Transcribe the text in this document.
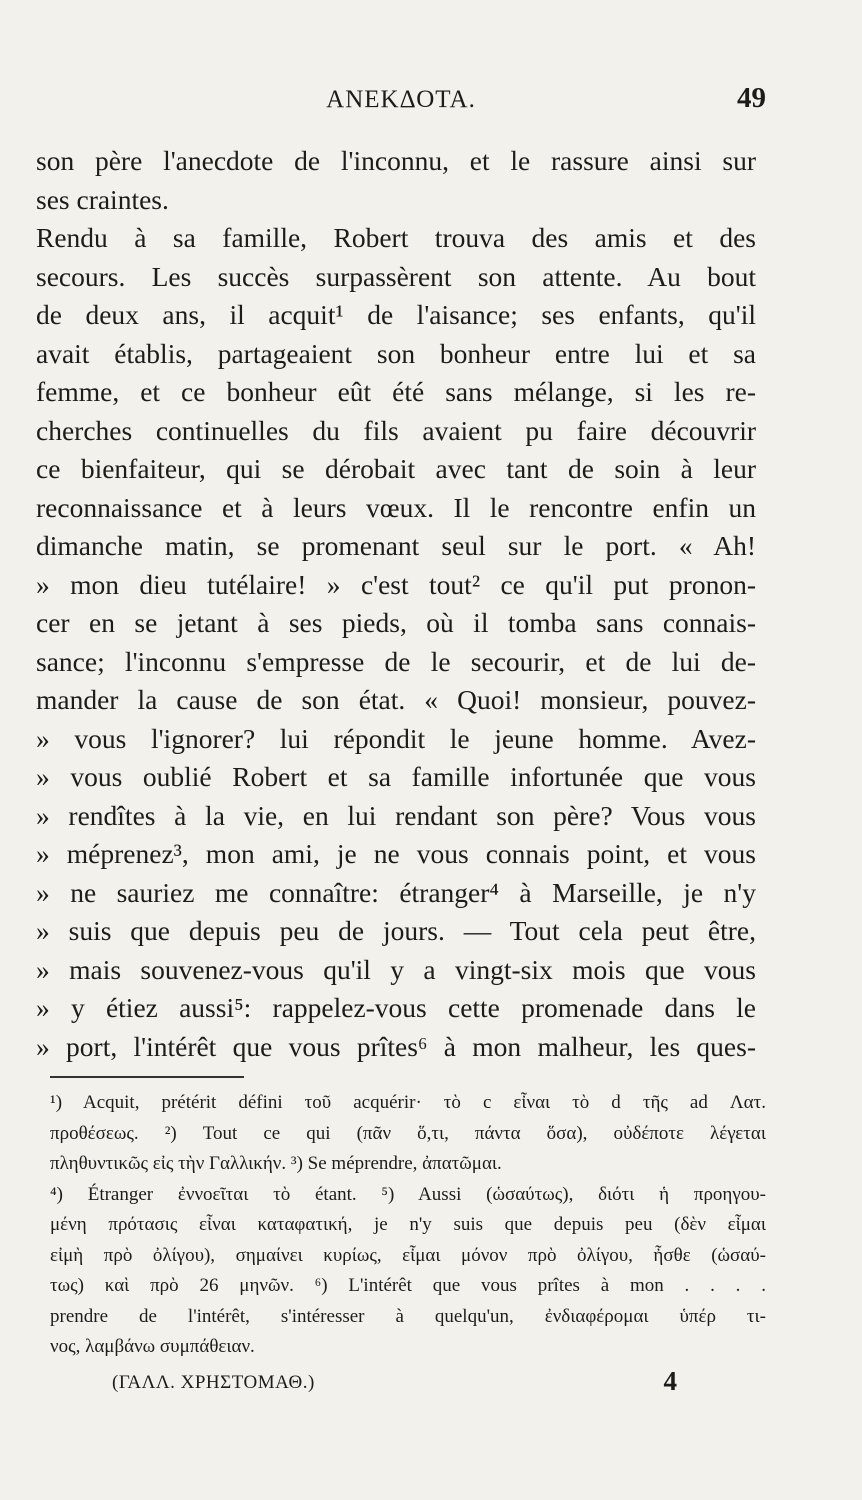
ΑΝΕΚΔΟΤΑ.	49
son père l'anecdote de l'inconnu, et le rassure ainsi sur
ses craintes.
Rendu à sa famille, Robert trouva des amis et des
secours. Les succès surpassèrent son attente. Au bout
de deux ans, il acquit¹ de l'aisance; ses enfants, qu'il
avait établis, partageaient son bonheur entre lui et sa
femme, et ce bonheur eût été sans mélange, si les re-
cherches continuelles du fils avaient pu faire découvrir
ce bienfaiteur, qui se dérobait avec tant de soin à leur
reconnaissance et à leurs vœux. Il le rencontre enfin un
dimanche matin, se promenant seul sur le port. « Ah!
» mon dieu tutélaire! » c'est tout² ce qu'il put pronon-
cer en se jetant à ses pieds, où il tomba sans connais-
sance; l'inconnu s'empresse de le secourir, et de lui de-
mander la cause de son état. « Quoi! monsieur, pouvez-
» vous l'ignorer? lui répondit le jeune homme. Avez-
» vous oublié Robert et sa famille infortunée que vous
» rendîtes à la vie, en lui rendant son père? Vous vous
» méprenez³, mon ami, je ne vous connais point, et vous
» ne sauriez me connaître: étranger⁴ à Marseille, je n'y
» suis que depuis peu de jours. — Tout cela peut être,
» mais souvenez-vous qu'il y a vingt-six mois que vous
» y étiez aussi⁵: rappelez-vous cette promenade dans le
» port, l'intérêt que vous prîtes⁶ à mon malheur, les ques-
¹) Acquit, prétérit défini τοῦ acquérir· τὸ c εἶναι τὸ d τῆς ad Λατ.
προθέσεως. ²) Tout ce qui (πᾶν ὅ,τι, πάντα ὅσα), οὐδέποτε λέγεται
πληθυντικῶς εἰς τὴν Γαλλικήν. ³) Se méprendre, ἀπατῶμαι.
⁴) Étranger ἐννοεῖται τὸ étant. ⁵) Aussi (ὡσαύτως), διότι ἡ προηγου-
μένη πρότασις εἶναι καταφατική, je n'y suis que depuis peu (δὲν εἶμαι
εἰμὴ πρὸ ὀλίγου), σημαίνει κυρίως, εἶμαι μόνον πρὸ ὀλίγου, ἦσθε (ὡσαύ-
τως) καὶ πρὸ 26 μηνῶν. ⁶) L'intérêt que vous prîtes à mon . . . .
prendre de l'intérêt, s'intéresser à quelqu'un, ἐνδιαφέρομαι ὑπέρ τι-
νος, λαμβάνω συμπάθειαν.
(ΓΑΛΛ. ΧΡΗΣΤΟΜΑΘ.)	4
